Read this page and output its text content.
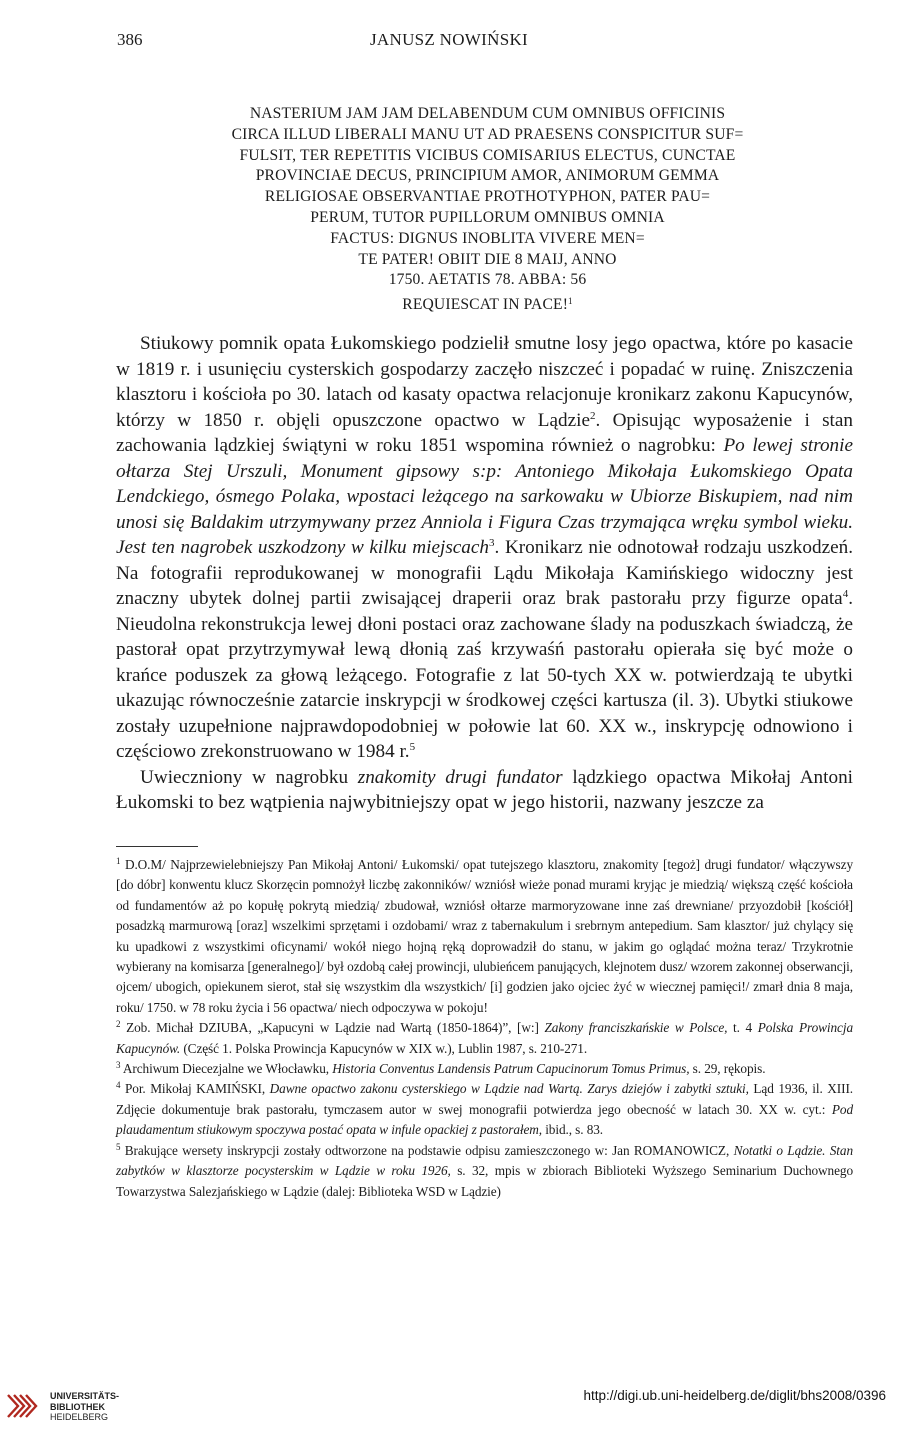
386	JANUSZ NOWIŃSKI
NASTERIUM JAM JAM DELABENDUM CUM OMNIBUS OFFICINIS
CIRCA ILLUD LIBERALI MANU UT AD PRAESENS CONSPICITUR SUF=
FULSIT, TER REPETITIS VICIBUS COMISARIUS ELECTUS, CUNCTAE
PROVINCIAE DECUS, PRINCIPIUM AMOR, ANIMORUM GEMMA
RELIGIOSAE OBSERVANTIAE PROTHOTYPHON, PATER PAU=
PERUM, TUTOR PUPILLORUM OMNIBUS OMNIA
FACTUS: DIGNUS INOBLITA VIVERE MEN=
TE PATER! OBIIT DIE 8 MAIJ, ANNO
1750. AETATIS 78. ABBA: 56
REQUIESCAT IN PACE!$^1$

Stiukowy pomnik opata Łukomskiego podzielił smutne losy jego opactwa, które po kasacie w 1819 r. i usunięciu cysterskich gospodarzy zaczęło niszczeć i popadać w ruinę. Zniszczenia klasztoru i kościoła po 30. latach od kasaty opactwa relacjonuje kronikarz zakonu Kapucynów, którzy w 1850 r. objęli opuszczone opactwo w Lądzie$^2$. Opisując wyposażenie i stan zachowania lądzkiej świątyni w roku 1851 wspomina również o nagrobku: Po lewej stronie ołtarza Stej Urszuli, Monument gipsowy s:p: Antoniego Mikołaja Łukomskiego Opata Lendckiego, ósmego Polaka, wpostaci leżącego na sarkowaku w Ubiorze Biskupiem, nad nim unosi się Baldakim utrzymywany przez Anniola i Figura Czas trzymająca wręku symbol wieku. Jest ten nagrobek uszkodzony w kilku miejscach$^3$. Kronikarz nie odnotował rodzaju uszkodzeń. Na fotografii reprodukowanej w monografii Lądu Mikołaja Kamińskiego widoczny jest znaczny ubytek dolnej partii zwisającej draperii oraz brak pastorału przy figurze opata$^4$. Nieudolna rekonstrukcja lewej dłoni postaci oraz zachowane ślady na poduszkach świadczą, że pastorał opat przytrzymywał lewą dłonią zaś krzywaśń pastorału opierała się być może o krańce poduszek za głową leżącego. Fotografie z lat 50-tych XX w. potwierdzają te ubytki ukazując równocześnie zatarcie inskrypcji w środkowej części kartusza (il. 3). Ubytki stiukowe zostały uzupełnione najprawdopodobniej w połowie lat 60. XX w., inskrypcję odnowiono i częściowo zrekonstruowano w 1984 r.$^5$

Uwieczniony w nagrobku znakomity drugi fundator lądzkiego opactwa Mikołaj Antoni Łukomski to bez wątpienia najwybitniejszy opat w jego historii, nazwany jeszcze za

$^1$ D.O.M/ Najprzewielebniejszy Pan Mikołaj Antoni/ Łukomski/ opat tutejszego klasztoru, znakomity [tegoż] drugi fundator/ włączywszy [do dóbr] konwentu klucz Skorzęcin pomnożył liczbę zakonników/ wzniósł wieże ponad murami kryjąc je miedzią/ większą część kościoła od fundamentów aż po kopułę pokrytą miedzią/ zbudował, wzniósł ołtarze marmoryzowane inne zaś drewniane/ przyozdobił [kościół] posadzką marmurową [oraz] wszelkimi sprzętami i ozdobami/ wraz z tabernakulum i srebrnym antepedium. Sam klasztor/ już chylący się ku upadkowi z wszystkimi oficynami/ wokół niego hojną ręką doprowadził do stanu, w jakim go oglądać można teraz/ Trzykrotnie wybierany na komisarza [generalnego]/ był ozdobą całej prowincji, ulubieńcem panujących, klejnotem dusz/ wzorem zakonnej obserwancji, ojcem/ ubogich, opiekunem sierot, stał się wszystkim dla wszystkich/ [i] godzien jako ojciec żyć w wiecznej pamięci!/ zmarł dnia 8 maja, roku/ 1750. w 78 roku życia i 56 opactwa/ niech odpoczywa w pokoju!

$^2$ Zob. Michał DZIUBA, „Kapucyni w Lądzie nad Wartą (1850-1864)”, [w:] Zakony franciszkańskie w Polsce, t. 4 Polska Prowincja Kapucynów. (Część 1. Polska Prowincja Kapucynów w XIX w.), Lublin 1987, s. 210-271.

$^3$ Archiwum Diecezjalne we Włocławku, Historia Conventus Landensis Patrum Capucinorum Tomus Primus, s. 29, rękopis.

$^4$ Por. Mikołaj KAMIŃSKI, Dawne opactwo zakonu cysterskiego w Lądzie nad Wartą. Zarys dziejów i zabytki sztuki, Ląd 1936, il. XIII. Zdjęcie dokumentuje brak pastorału, tymczasem autor w swej monografii potwierdza jego obecność w latach 30. XX w. cyt.: Pod plaudamentum stiukowym spoczywa postać opata w infule opackiej z pastorałem, ibid., s. 83.

$^5$ Brakujące wersety inskrypcji zostały odtworzone na podstawie odpisu zamieszczonego w: Jan ROMANOWICZ, Notatki o Lądzie. Stan zabytków w klasztorze pocysterskim w Lądzie w roku 1926, s. 32, mpis w zbiorach Biblioteki Wyższego Seminarium Duchownego Towarzystwa Salezjańskiego w Lądzie (dalej: Biblioteka WSD w Lądzie)

UNIVERSITÄTS-
BIBLIOTHEK
HEIDELBERG
http://digi.ub.uni-heidelberg.de/diglit/bhs2008/0396
